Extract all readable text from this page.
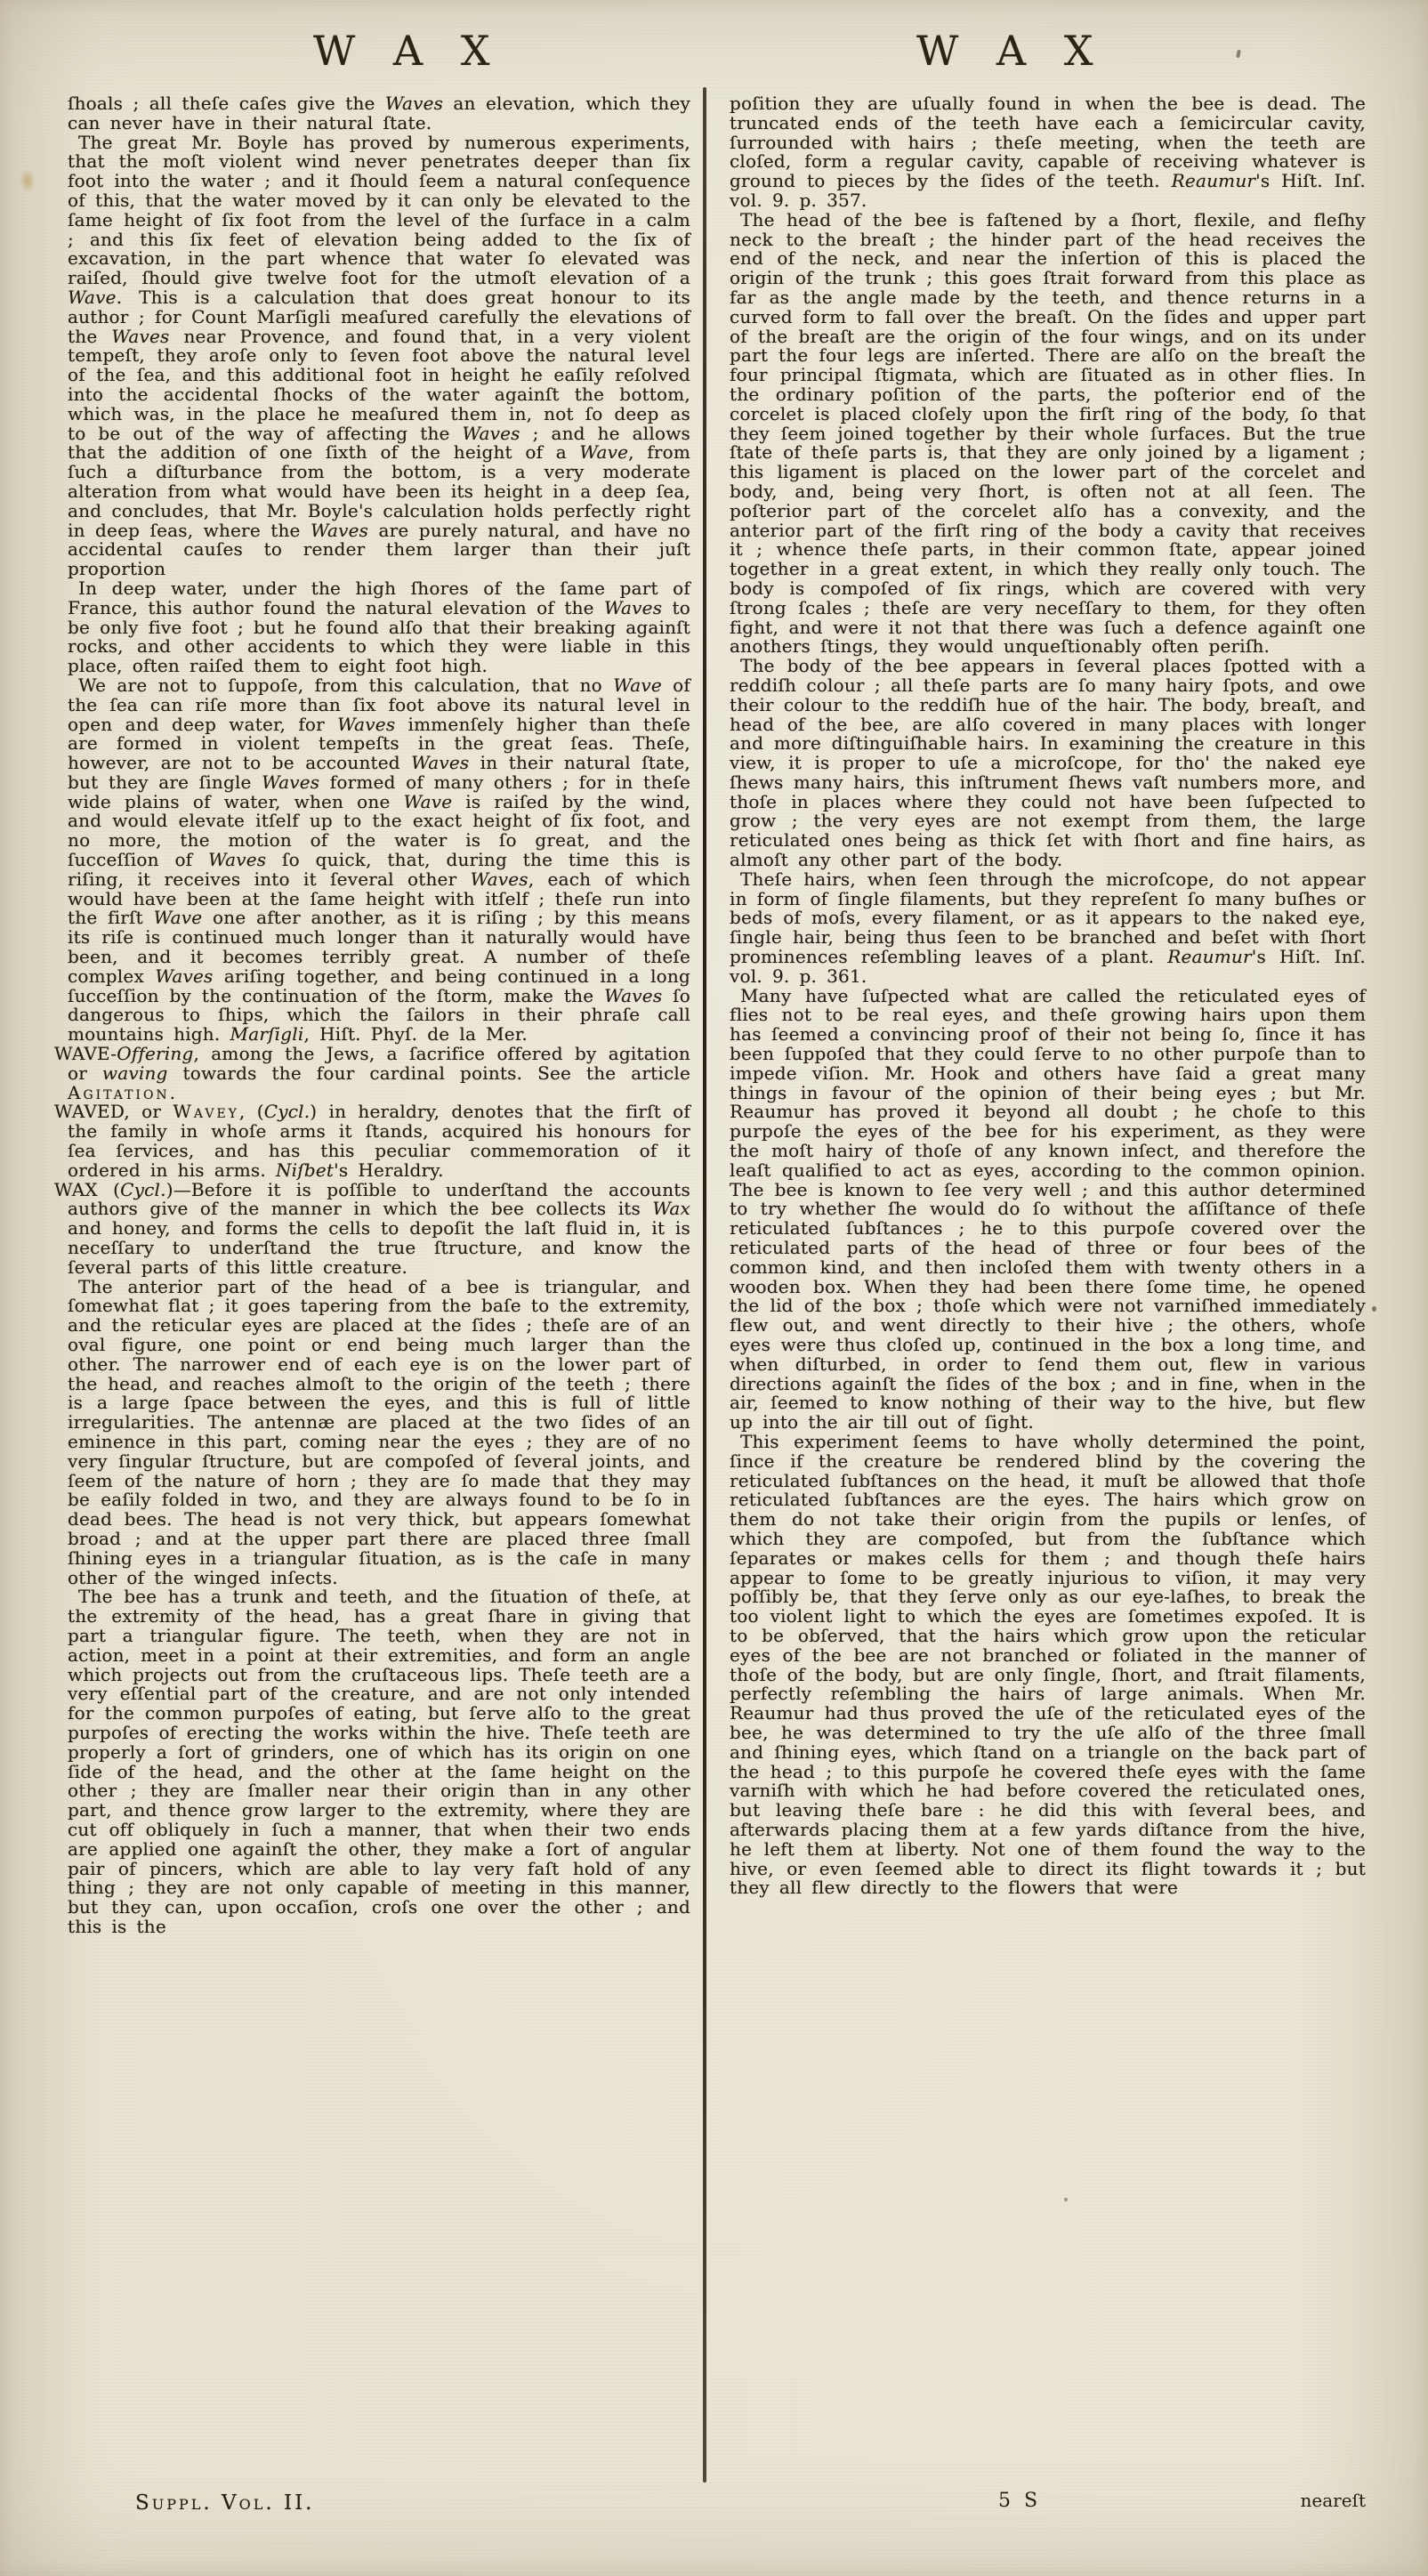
W A X	W A X

ſhoals ; all theſe caſes give the Waves an elevation, which they can never have in their natural ſtate.

The great Mr. Boyle has proved by numerous experiments, that the moſt violent wind never penetrates deeper than ſix foot into the water ; and it ſhould ſeem a natural conſequence of this, that the water moved by it can only be elevated to the ſame height of ſix foot from the level of the ſurface in a calm ; and this ſix feet of elevation being added to the ſix of excavation, in the part whence that water ſo elevated was raiſed, ſhould give twelve foot for the utmoſt elevation of a Wave. This is a calculation that does great honour to its author ; for Count Marſigli meaſured carefully the elevations of the Waves near Provence, and found that, in a very violent tempeſt, they aroſe only to ſeven foot above the natural level of the ſea, and this additional foot in height he eaſily reſolved into the accidental ſhocks of the water againſt the bottom, which was, in the place he meaſured them in, not ſo deep as to be out of the way of affecting the Waves ; and he allows that the addition of one ſixth of the height of a Wave, from ſuch a diſturbance from the bottom, is a very moderate alteration from what would have been its height in a deep ſea, and concludes, that Mr. Boyle's calculation holds perfectly right in deep ſeas, where the Waves are purely natural, and have no accidental cauſes to render them larger than their juſt proportion

In deep water, under the high ſhores of the ſame part of France, this author found the natural elevation of the Waves to be only five foot ; but he found alſo that their breaking againſt rocks, and other accidents to which they were liable in this place, often raiſed them to eight foot high.

We are not to ſuppoſe, from this calculation, that no Wave of the ſea can riſe more than ſix foot above its natural level in open and deep water, for Waves immenſely higher than theſe are formed in violent tempeſts in the great ſeas. Theſe, however, are not to be accounted Waves in their natural ſtate, but they are ſingle Waves formed of many others ; for in theſe wide plains of water, when one Wave is raiſed by the wind, and would elevate itſelf up to the exact height of ſix foot, and no more, the motion of the water is ſo great, and the ſucceſſion of Waves ſo quick, that, during the time this is riſing, it receives into it ſeveral other Waves, each of which would have been at the ſame height with itſelf ; theſe run into the firſt Wave one after another, as it is riſing ; by this means its riſe is continued much longer than it naturally would have been, and it becomes terribly great. A number of theſe complex Waves ariſing together, and being continued in a long ſucceſſion by the continuation of the ſtorm, make the Waves ſo dangerous to ſhips, which the ſailors in their phraſe call mountains high. Marſigli, Hiſt. Phyſ. de la Mer.

WAVE-Offering, among the Jews, a ſacrifice offered by agitation or waving towards the four cardinal points. See the article Agitation.

WAVED, or Wavey, (Cycl.) in heraldry, denotes that the firſt of the family in whoſe arms it ſtands, acquired his honours for ſea ſervices, and has this peculiar commemoration of it ordered in his arms. Niſbet's Heraldry.

WAX (Cycl.)—Before it is poſſible to underſtand the accounts authors give of the manner in which the bee collects its Wax and honey, and forms the cells to depoſit the laſt fluid in, it is neceſſary to underſtand the true ſtructure, and know the ſeveral parts of this little creature.

The anterior part of the head of a bee is triangular, and ſomewhat flat ; it goes tapering from the baſe to the extremity, and the reticular eyes are placed at the ſides ; theſe are of an oval figure, one point or end being much larger than the other. The narrower end of each eye is on the lower part of the head, and reaches almoſt to the origin of the teeth ; there is a large ſpace between the eyes, and this is full of little irregularities. The antennæ are placed at the two ſides of an eminence in this part, coming near the eyes ; they are of no very ſingular ſtructure, but are compoſed of ſeveral joints, and ſeem of the nature of horn ; they are ſo made that they may be eaſily folded in two, and they are always found to be ſo in dead bees. The head is not very thick, but appears ſomewhat broad ; and at the upper part there are placed three ſmall ſhining eyes in a triangular ſituation, as is the caſe in many other of the winged inſects.

The bee has a trunk and teeth, and the ſituation of theſe, at the extremity of the head, has a great ſhare in giving that part a triangular figure. The teeth, when they are not in action, meet in a point at their extremities, and form an angle which projects out from the cruſtaceous lips. Theſe teeth are a very eſſential part of the creature, and are not only intended for the common purpoſes of eating, but ſerve alſo to the great purpoſes of erecting the works within the hive. Theſe teeth are properly a ſort of grinders, one of which has its origin on one ſide of the head, and the other at the ſame height on the other ; they are ſmaller near their origin than in any other part, and thence grow larger to the extremity, where they are cut off obliquely in ſuch a manner, that when their two ends are applied one againſt the other, they make a ſort of angular pair of pincers, which are able to lay very faſt hold of any thing ; they are not only capable of meeting in this manner, but they can, upon occaſion, croſs one over the other ; and this is the

poſition they are uſually found in when the bee is dead. The truncated ends of the teeth have each a ſemicircular cavity, ſurrounded with hairs ; theſe meeting, when the teeth are cloſed, form a regular cavity, capable of receiving whatever is ground to pieces by the ſides of the teeth. Reaumur's Hiſt. Inſ. vol. 9. p. 357.

The head of the bee is faſtened by a ſhort, flexile, and fleſhy neck to the breaſt ; the hinder part of the head receives the end of the neck, and near the inſertion of this is placed the origin of the trunk ; this goes ſtrait forward from this place as far as the angle made by the teeth, and thence returns in a curved form to fall over the breaſt. On the ſides and upper part of the breaſt are the origin of the four wings, and on its under part the four legs are inſerted. There are alſo on the breaſt the four principal ſtigmata, which are ſituated as in other flies. In the ordinary poſition of the parts, the poſterior end of the corcelet is placed cloſely upon the firſt ring of the body, ſo that they ſeem joined together by their whole ſurfaces. But the true ſtate of theſe parts is, that they are only joined by a ligament ; this ligament is placed on the lower part of the corcelet and body, and, being very ſhort, is often not at all ſeen. The poſterior part of the corcelet alſo has a convexity, and the anterior part of the firſt ring of the body a cavity that receives it ; whence theſe parts, in their common ſtate, appear joined together in a great extent, in which they really only touch. The body is compoſed of ſix rings, which are covered with very ſtrong ſcales ; theſe are very neceſſary to them, for they often fight, and were it not that there was ſuch a defence againſt one anothers ſtings, they would unqueſtionably often periſh.

The body of the bee appears in ſeveral places ſpotted with a reddiſh colour ; all theſe parts are ſo many hairy ſpots, and owe their colour to the reddiſh hue of the hair. The body, breaſt, and head of the bee, are alſo covered in many places with longer and more diſtinguiſhable hairs. In examining the creature in this view, it is proper to uſe a microſcope, for tho' the naked eye ſhews many hairs, this inſtrument ſhews vaſt numbers more, and thoſe in places where they could not have been ſuſpected to grow ; the very eyes are not exempt from them, the large reticulated ones being as thick ſet with ſhort and fine hairs, as almoſt any other part of the body.

Theſe hairs, when ſeen through the microſcope, do not appear in form of ſingle filaments, but they repreſent ſo many buſhes or beds of moſs, every filament, or as it appears to the naked eye, ſingle hair, being thus ſeen to be branched and beſet with ſhort prominences reſembling leaves of a plant. Reaumur's Hiſt. Inſ. vol. 9. p. 361.

Many have ſuſpected what are called the reticulated eyes of flies not to be real eyes, and theſe growing hairs upon them has ſeemed a convincing proof of their not being ſo, ſince it has been ſuppoſed that they could ſerve to no other purpoſe than to impede viſion. Mr. Hook and others have ſaid a great many things in favour of the opinion of their being eyes ; but Mr. Reaumur has proved it beyond all doubt ; he choſe to this purpoſe the eyes of the bee for his experiment, as they were the moſt hairy of thoſe of any known inſect, and therefore the leaſt qualified to act as eyes, according to the common opinion. The bee is known to ſee very well ; and this author determined to try whether ſhe would do ſo without the aſſiſtance of theſe reticulated ſubſtances ; he to this purpoſe covered over the reticulated parts of the head of three or four bees of the common kind, and then incloſed them with twenty others in a wooden box. When they had been there ſome time, he opened the lid of the box ; thoſe which were not varniſhed immediately flew out, and went directly to their hive ; the others, whoſe eyes were thus cloſed up, continued in the box a long time, and when diſturbed, in order to ſend them out, flew in various directions againſt the ſides of the box ; and in fine, when in the air, ſeemed to know nothing of their way to the hive, but flew up into the air till out of ſight.

This experiment ſeems to have wholly determined the point, ſince if the creature be rendered blind by the covering the reticulated ſubſtances on the head, it muſt be allowed that thoſe reticulated ſubſtances are the eyes. The hairs which grow on them do not take their origin from the pupils or lenſes, of which they are compoſed, but from the ſubſtance which ſeparates or makes cells for them ; and though theſe hairs appear to ſome to be greatly injurious to viſion, it may very poſſibly be, that they ſerve only as our eye-laſhes, to break the too violent light to which the eyes are ſometimes expoſed. It is to be obſerved, that the hairs which grow upon the reticular eyes of the bee are not branched or foliated in the manner of thoſe of the body, but are only ſingle, ſhort, and ſtrait filaments, perfectly reſembling the hairs of large animals. When Mr. Reaumur had thus proved the uſe of the reticulated eyes of the bee, he was determined to try the uſe alſo of the three ſmall and ſhining eyes, which ſtand on a triangle on the back part of the head ; to this purpoſe he covered theſe eyes with the ſame varniſh with which he had before covered the reticulated ones, but leaving theſe bare : he did this with ſeveral bees, and afterwards placing them at a few yards diſtance from the hive, he left them at liberty. Not one of them found the way to the hive, or even ſeemed able to direct its flight towards it ; but they all flew directly to the flowers that were

Suppl. Vol. II.	5 S	neareſt
